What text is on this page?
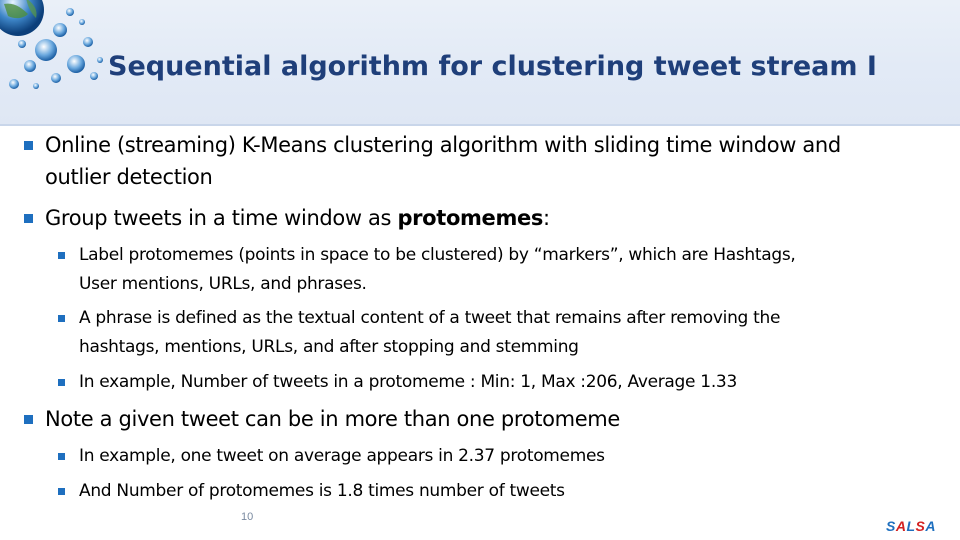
Sequential algorithm for clustering tweet stream I
Online (streaming) K-Means clustering algorithm with sliding time window and
outlier detection
Group tweets in a time window as protomemes:
Label protomemes (points in space to be clustered) by “markers”, which are Hashtags,
User mentions, URLs, and phrases.
A phrase is defined as the textual content of a tweet that remains after removing the
hashtags, mentions, URLs, and after stopping and stemming
In example, Number of tweets in a protomeme : Min: 1, Max :206, Average 1.33
Note a given tweet can be in more than one protomeme
In example, one tweet on average appears in 2.37 protomemes
And Number of protomemes is 1.8 times number of tweets
10
SALSA
